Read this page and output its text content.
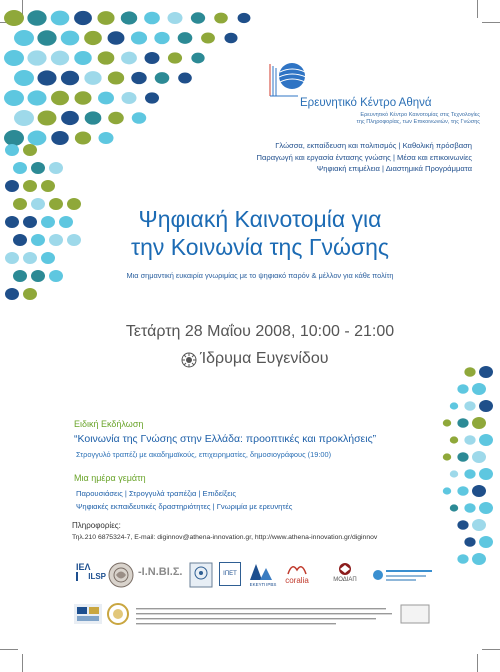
Ερευνητικό Κέντρο Αθηνά
Ερευνητικό Κέντρο Καινοτομίας στις Τεχνολογίες
της Πληροφορίας, των Επικοινωνιών, της Γνώσης
Γλώσσα, εκπαίδευση και πολιτισμός | Καθολική πρόσβαση
Παραγωγή και εργασία έντασης γνώσης | Μέσα και επικοινωνίες
Ψηφιακή επιμέλεια | Διαστημικά Προγράμματα
Ψηφιακή Καινοτομία για
την Κοινωνία της Γνώσης
Μια σημαντική ευκαιρία γνωριμίας με το ψηφιακό παρόν & μέλλον για κάθε πολίτη
Τετάρτη 28 Μαΐου 2008, 10:00 - 21:00
Ίδρυμα Ευγενίδου
Ειδική Εκδήλωση
“Κοινωνία της Γνώσης στην Ελλάδα: προοπτικές και προκλήσεις”
Στρογγυλό τραπέζι με ακαδημαϊκούς, επιχειρηματίες, δημοσιογράφους (19:00)
Μια ημέρα γεμάτη
Παρουσιάσεις | Στρογγυλά τραπέζια | Επιδείξεις
Ψηφιακές εκπαιδευτικές δραστηριότητες | Γνωριμία με ερευνητές
Πληροφορίες:
Τηλ.210 6875324-7, E-mail: diginnov@athena-innovation.gr, http://www.athena-innovation.gr/diginnov
IEΛ
ILSP	-Ι.Ν.ΒΙ.Σ.	ΙΠΕΤ
ΕΚΕΥΠ IPBS	coralia	ΜΟΔΙΑΠ
